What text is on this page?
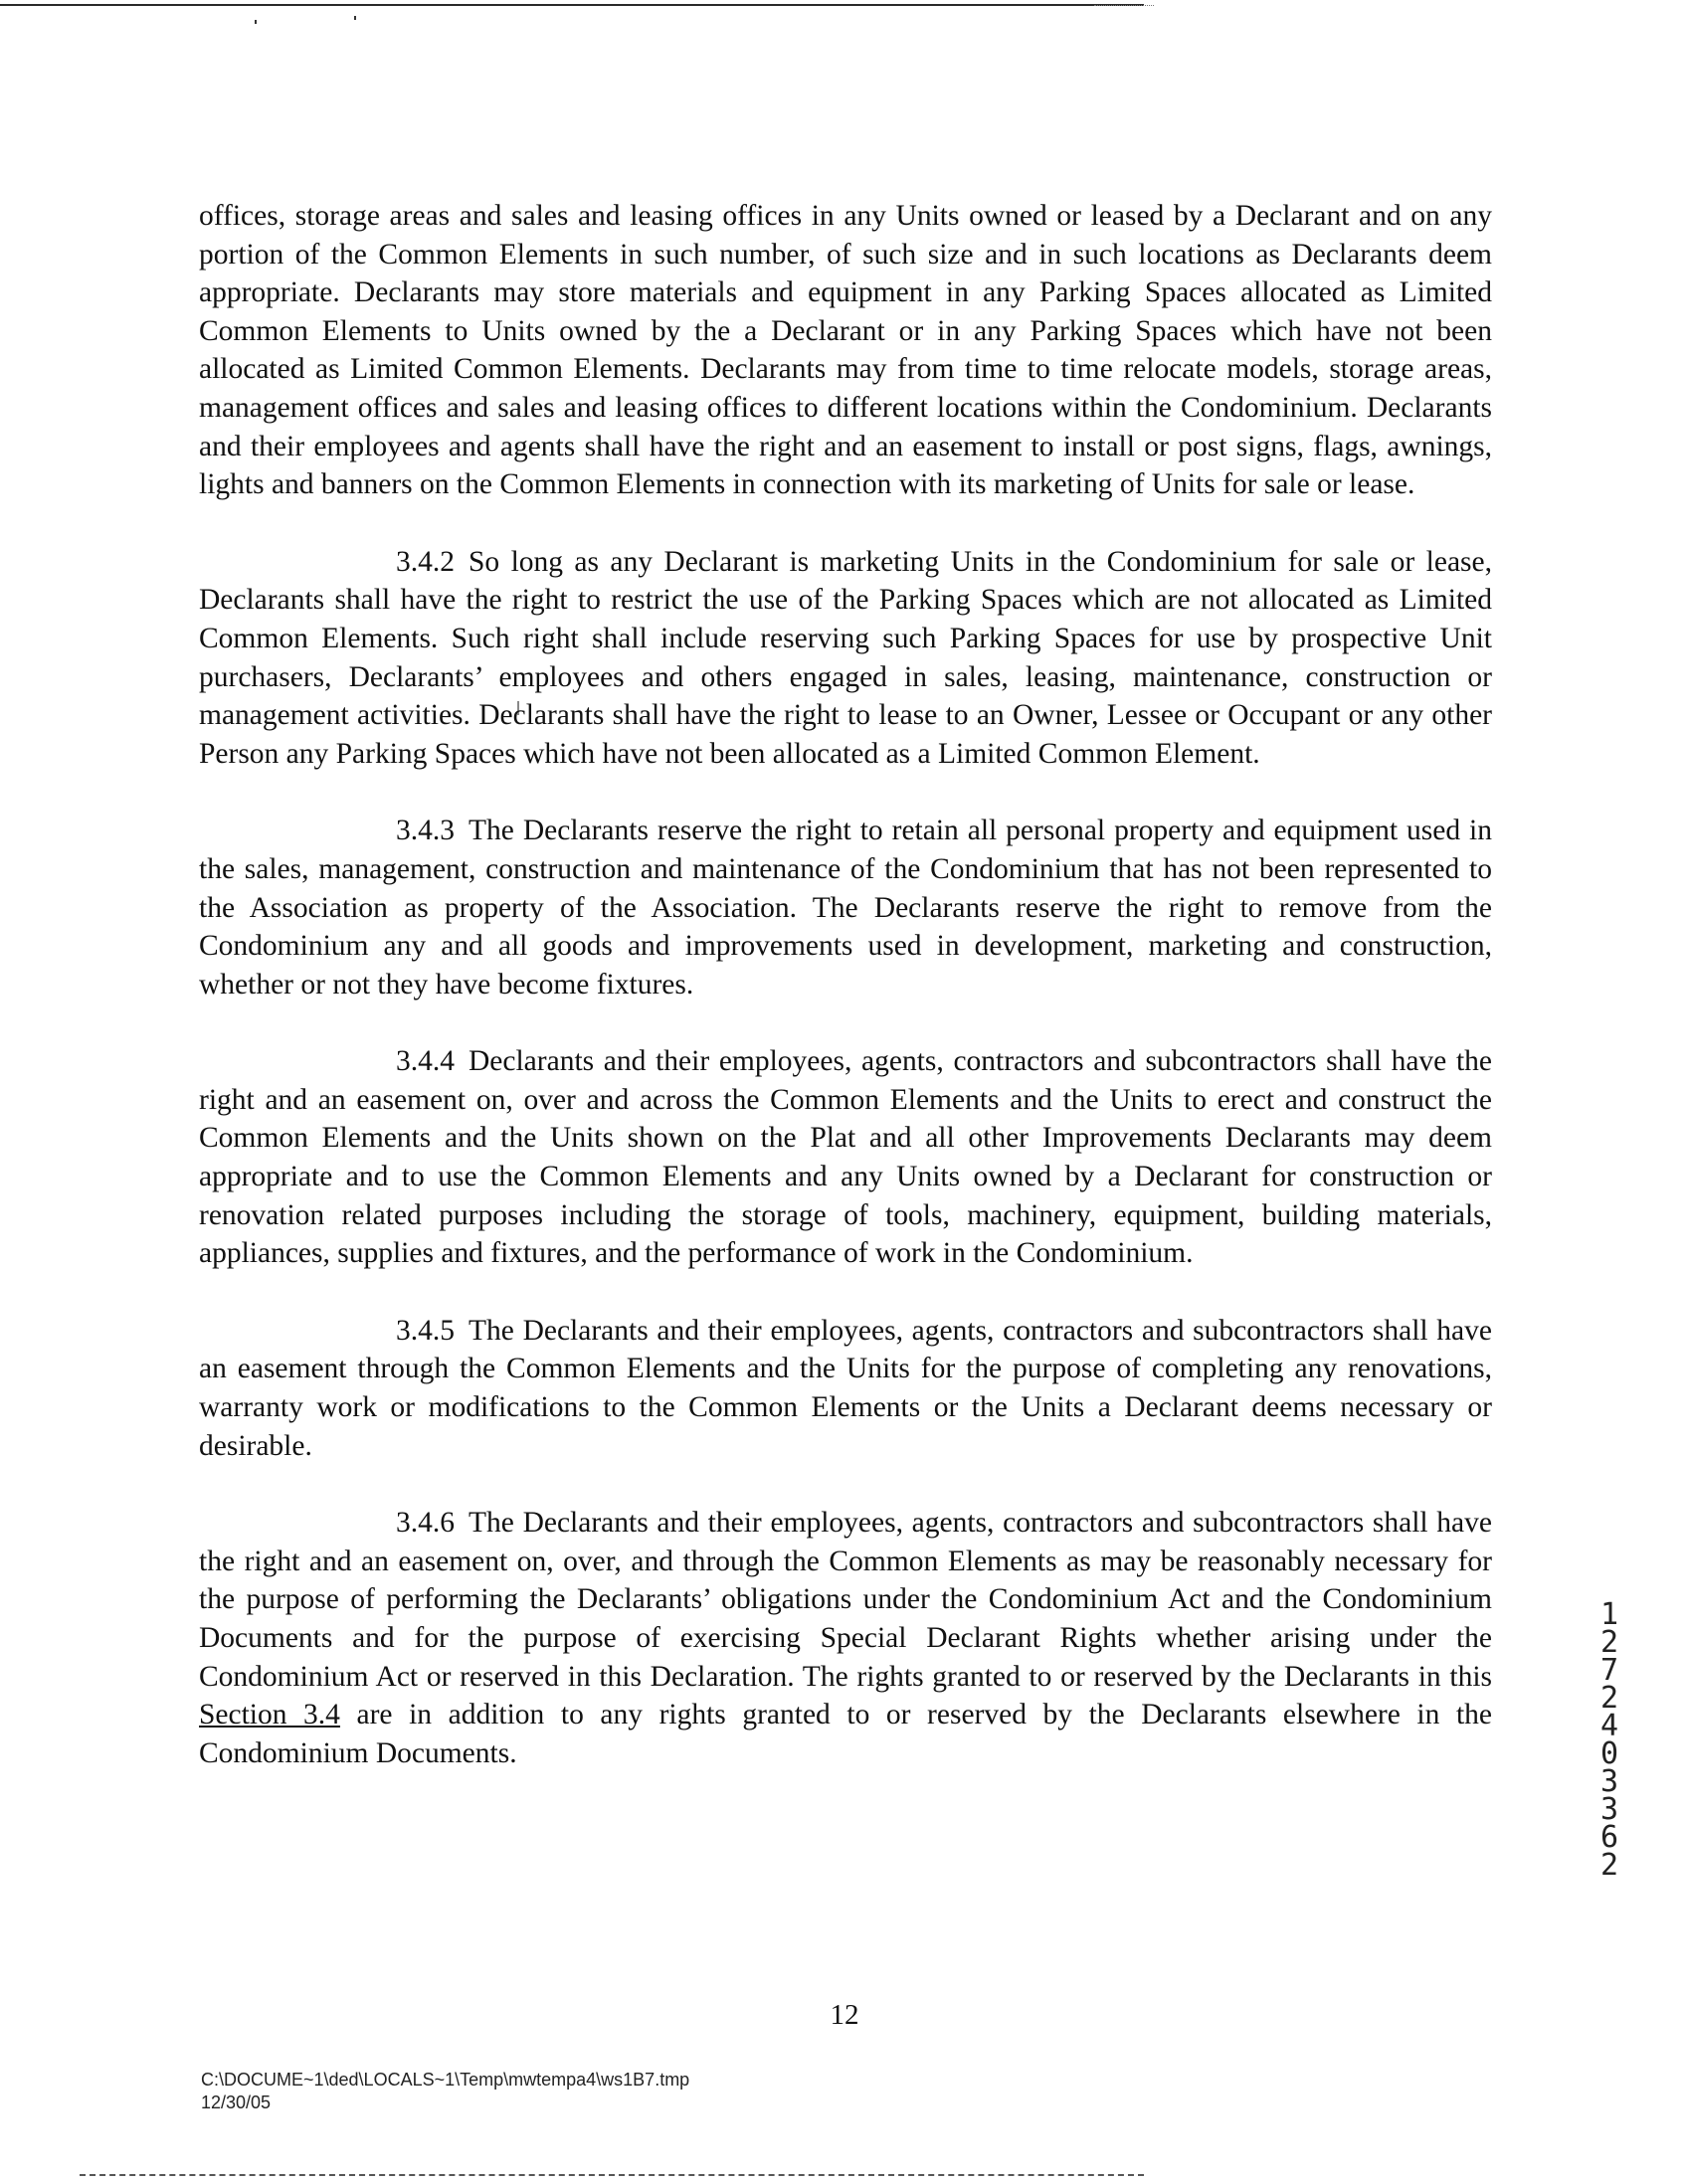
offices, storage areas and sales and leasing offices in any Units owned or leased by a Declarant and on any portion of the Common Elements in such number, of such size and in such locations as Declarants deem appropriate. Declarants may store materials and equipment in any Parking Spaces allocated as Limited Common Elements to Units owned by the a Declarant or in any Parking Spaces which have not been allocated as Limited Common Elements. Declarants may from time to time relocate models, storage areas, management offices and sales and leasing offices to different locations within the Condominium. Declarants and their employees and agents shall have the right and an easement to install or post signs, flags, awnings, lights and banners on the Common Elements in connection with its marketing of Units for sale or lease.

3.4.2 So long as any Declarant is marketing Units in the Condominium for sale or lease, Declarants shall have the right to restrict the use of the Parking Spaces which are not allocated as Limited Common Elements. Such right shall include reserving such Parking Spaces for use by prospective Unit purchasers, Declarants’ employees and others engaged in sales, leasing, maintenance, construction or management activities. Declarants shall have the right to lease to an Owner, Lessee or Occupant or any other Person any Parking Spaces which have not been allocated as a Limited Common Element.

3.4.3 The Declarants reserve the right to retain all personal property and equipment used in the sales, management, construction and maintenance of the Condominium that has not been represented to the Association as property of the Association. The Declarants reserve the right to remove from the Condominium any and all goods and improvements used in development, marketing and construction, whether or not they have become fixtures.

3.4.4 Declarants and their employees, agents, contractors and subcontractors shall have the right and an easement on, over and across the Common Elements and the Units to erect and construct the Common Elements and the Units shown on the Plat and all other Improvements Declarants may deem appropriate and to use the Common Elements and any Units owned by a Declarant for construction or renovation related purposes including the storage of tools, machinery, equipment, building materials, appliances, supplies and fixtures, and the performance of work in the Condominium.

3.4.5 The Declarants and their employees, agents, contractors and subcontractors shall have an easement through the Common Elements and the Units for the purpose of completing any renovations, warranty work or modifications to the Common Elements or the Units a Declarant deems necessary or desirable.

3.4.6 The Declarants and their employees, agents, contractors and subcontractors shall have the right and an easement on, over, and through the Common Elements as may be reasonably necessary for the purpose of performing the Declarants’ obligations under the Condominium Act and the Condominium Documents and for the purpose of exercising Special Declarant Rights whether arising under the Condominium Act or reserved in this Declaration. The rights granted to or reserved by the Declarants in this Section 3.4 are in addition to any rights granted to or reserved by the Declarants elsewhere in the Condominium Documents.

12
C:\DOCUME~1\ded\LOCALS~1\Temp\mwtempa4\ws1B7.tmp
12/30/05
1
2
7
2
4
0
3
3
6
2
